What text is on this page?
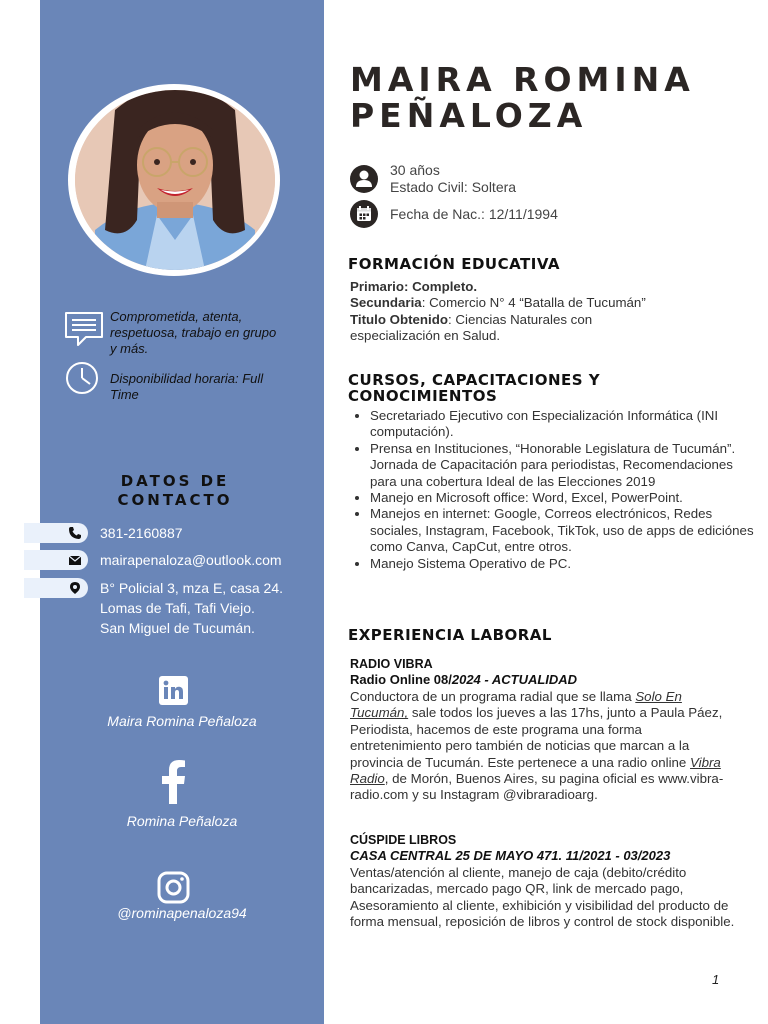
Comprometida, atenta,
respetuosa, trabajo en grupo
y más.
Disponibilidad horaria: Full
Time
DATOS DE
CONTACTO
381-2160887
mairapenaloza@outlook.com
B° Policial 3, mza E, casa 24.
Lomas de Tafi, Tafi Viejo.
San Miguel de Tucumán.
Maira Romina Peñaloza
Romina Peñaloza
@rominapenaloza94
MAIRA ROMINA
PEÑALOZA
30 años
Estado Civil: Soltera
Fecha de Nac.: 12/11/1994
FORMACIÓN EDUCATIVA
Primario: Completo.
Secundaria: Comercio N° 4 “Batalla de Tucumán”
Titulo Obtenido: Ciencias Naturales con
especialización en Salud.
CURSOS, CAPACITACIONES Y
CONOCIMIENTOS
• Secretariado Ejecutivo con Especialización Informática (INI computación).
• Prensa en Instituciones, “Honorable Legislatura de Tucumán”. Jornada de Capacitación para periodistas, Recomendaciones para una cobertura Ideal de las Elecciones 2019
• Manejo en Microsoft office: Word, Excel, PowerPoint.
• Manejos en internet: Google, Correos electrónicos, Redes sociales, Instagram, Facebook, TikTok, uso de apps de ediciónes como Canva, CapCut, entre otros.
• Manejo Sistema Operativo de PC.
EXPERIENCIA LABORAL
RADIO VIBRA
Radio Online 08/2024 - ACTUALIDAD
Conductora de un programa radial que se llama Solo En Tucumán, sale todos los jueves a las 17hs, junto a Paula Páez, Periodista, hacemos de este programa una forma entretenimiento pero también de noticias que marcan a la provincia de Tucumán. Este pertenece a una radio online Vibra Radio, de Morón, Buenos Aires, su pagina oficial es www.vibra-radio.com y su Instagram @vibraradioarg.
CÚSPIDE LIBROS
CASA CENTRAL 25 DE MAYO 471. 11/2021 - 03/2023
Ventas/atención al cliente, manejo de caja (debito/crédito bancarizadas, mercado pago QR, link de mercado pago, Asesoramiento al cliente, exhibición y visibilidad del producto de forma mensual, reposición de libros y control de stock disponible.
1
